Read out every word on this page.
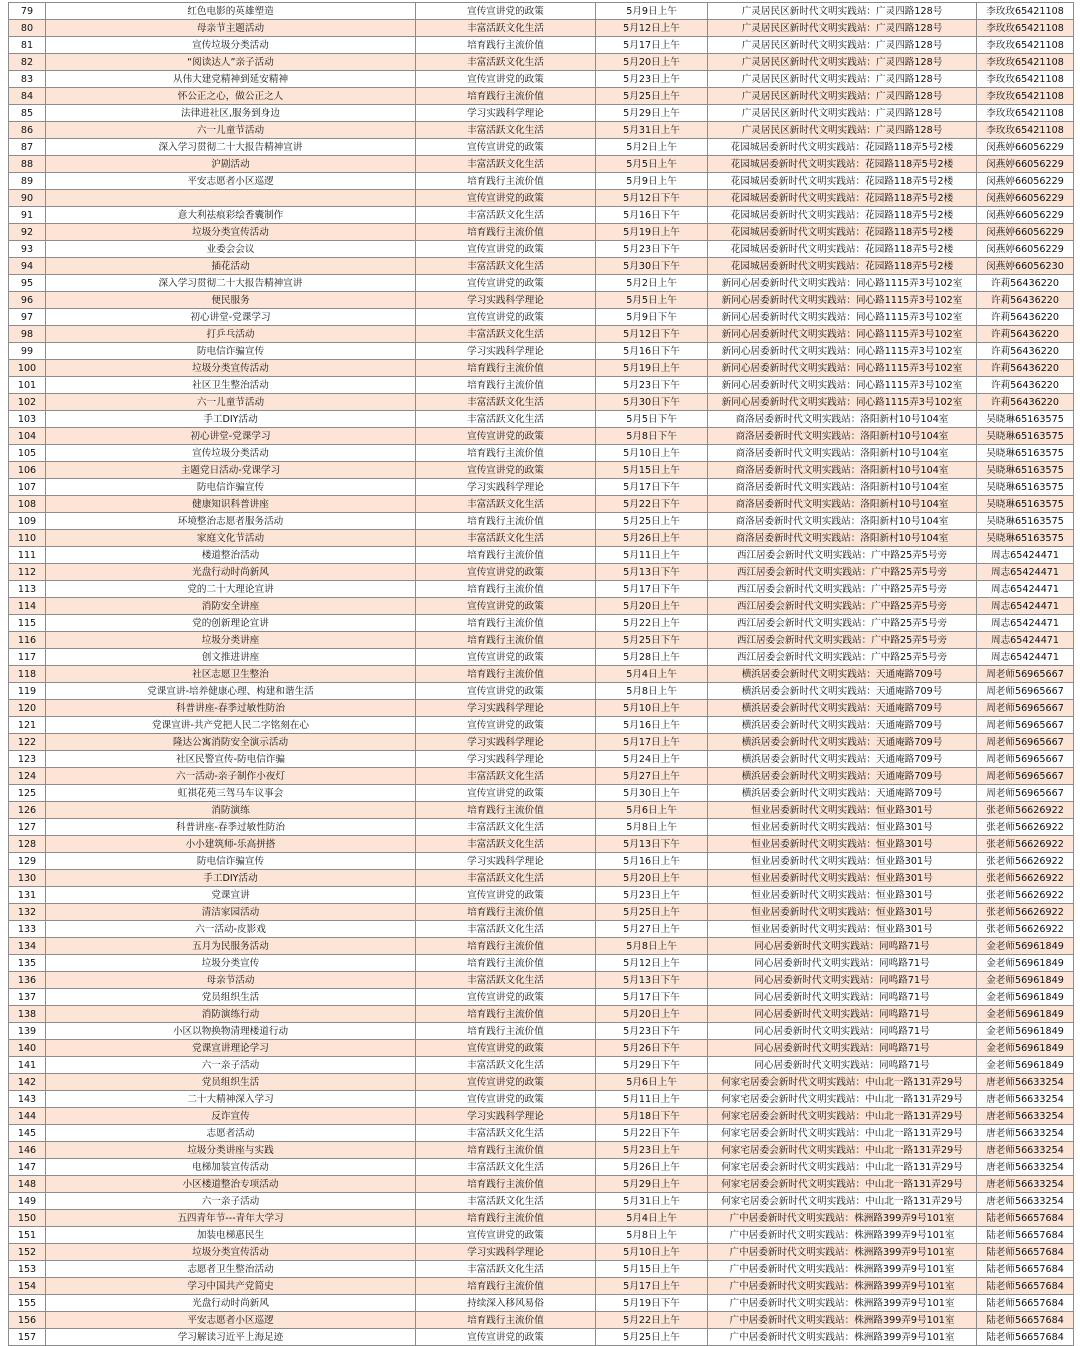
79	红色电影的英雄塑造	宣传宣讲党的政策	5月9日上午	广灵居民区新时代文明实践站：广灵四路128号	李玫玫65421108
80	母亲节主题活动	丰富活跃文化生活	5月12日上午	广灵居民区新时代文明实践站：广灵四路128号	李玫玫65421108
81	宣传垃圾分类活动	培育践行主流价值	5月17日上午	广灵居民区新时代文明实践站：广灵四路128号	李玫玫65421108
82	“阅读达人”亲子活动	丰富活跃文化生活	5月20日上午	广灵居民区新时代文明实践站：广灵四路128号	李玫玫65421108
83	从伟大建党精神到延安精神	宣传宣讲党的政策	5月23日上午	广灵居民区新时代文明实践站：广灵四路128号	李玫玫65421108
84	怀公正之心，做公正之人	培育践行主流价值	5月25日上午	广灵居民区新时代文明实践站：广灵四路128号	李玫玫65421108
85	法律进社区,服务到身边	学习实践科学理论	5月29日上午	广灵居民区新时代文明实践站：广灵四路128号	李玫玫65421108
86	六一儿童节活动	丰富活跃文化生活	5月31日上午	广灵居民区新时代文明实践站：广灵四路128号	李玫玫65421108
87	深入学习贯彻二十大报告精神宣讲	宣传宣讲党的政策	5月2日上午	花园城居委新时代文明实践站：花园路118弄5号2楼	闵燕婷66056229
88	沪剧活动	丰富活跃文化生活	5月5日上午	花园城居委新时代文明实践站：花园路118弄5号2楼	闵燕婷66056229
89	平安志愿者小区巡逻	培育践行主流价值	5月9日上午	花园城居委新时代文明实践站：花园路118弄5号2楼	闵燕婷66056229
90		宣传宣讲党的政策	5月12日下午	花园城居委新时代文明实践站：花园路118弄5号2楼	闵燕婷66056229
91	意大利祛痕彩绘香囊制作	丰富活跃文化生活	5月16日下午	花园城居委新时代文明实践站：花园路118弄5号2楼	闵燕婷66056229
92	垃圾分类宣传活动	培育践行主流价值	5月19日上午	花园城居委新时代文明实践站：花园路118弄5号2楼	闵燕婷66056229
93	业委会会议	宣传宣讲党的政策	5月23日下午	花园城居委新时代文明实践站：花园路118弄5号2楼	闵燕婷66056229
94	插花活动	丰富活跃文化生活	5月30日下午	花园城居委新时代文明实践站：花园路118弄5号2楼	闵燕婷66056230
95	深入学习贯彻二十大报告精神宣讲	宣传宣讲党的政策	5月2日上午	新同心居委新时代文明实践站：同心路1115弄3号102室	许莉56436220
96	便民服务	学习实践科学理论	5月5日上午	新同心居委新时代文明实践站：同心路1115弄3号102室	许莉56436220
97	初心讲堂-党课学习	宣传宣讲党的政策	5月9日下午	新同心居委新时代文明实践站：同心路1115弄3号102室	许莉56436220
98	打乒乓活动	丰富活跃文化生活	5月12日下午	新同心居委新时代文明实践站：同心路1115弄3号102室	许莉56436220
99	防电信诈骗宣传	学习实践科学理论	5月16日下午	新同心居委新时代文明实践站：同心路1115弄3号102室	许莉56436220
100	垃圾分类宣传活动	培育践行主流价值	5月19日上午	新同心居委新时代文明实践站：同心路1115弄3号102室	许莉56436220
101	社区卫生整治活动	培育践行主流价值	5月23日下午	新同心居委新时代文明实践站：同心路1115弄3号102室	许莉56436220
102	六一儿童节活动	丰富活跃文化生活	5月30日下午	新同心居委新时代文明实践站：同心路1115弄3号102室	许莉56436220
103	手工DIY活动	丰富活跃文化生活	5月5日下午	商洛居委新时代文明实践站：洛阳新村10号104室	吴晓琳65163575
104	初心讲堂-党课学习	宣传宣讲党的政策	5月8日下午	商洛居委新时代文明实践站：洛阳新村10号104室	吴晓琳65163575
105	宣传垃圾分类活动	培育践行主流价值	5月10日上午	商洛居委新时代文明实践站：洛阳新村10号104室	吴晓琳65163575
106	主题党日活动-党课学习	宣传宣讲党的政策	5月15日上午	商洛居委新时代文明实践站：洛阳新村10号104室	吴晓琳65163575
107	防电信诈骗宣传	学习实践科学理论	5月17日下午	商洛居委新时代文明实践站：洛阳新村10号104室	吴晓琳65163575
108	健康知识科普讲座	丰富活跃文化生活	5月22日下午	商洛居委新时代文明实践站：洛阳新村10号104室	吴晓琳65163575
109	环境整治志愿者服务活动	培育践行主流价值	5月25日上午	商洛居委新时代文明实践站：洛阳新村10号104室	吴晓琳65163575
110	家庭文化节活动	丰富活跃文化生活	5月26日上午	商洛居委新时代文明实践站：洛阳新村10号104室	吴晓琳65163575
111	楼道整治活动	培育践行主流价值	5月11日上午	西江居委会新时代文明实践站：广中路25弄5号旁	周志65424471
112	光盘行动时尚新风	宣传宣讲党的政策	5月13日下午	西江居委会新时代文明实践站：广中路25弄5号旁	周志65424471
113	党的二十大理论宣讲	培育践行主流价值	5月17日下午	西江居委会新时代文明实践站：广中路25弄5号旁	周志65424471
114	消防安全讲座	宣传宣讲党的政策	5月20日上午	西江居委会新时代文明实践站：广中路25弄5号旁	周志65424471
115	党的创新理论宣讲	培育践行主流价值	5月22日上午	西江居委会新时代文明实践站：广中路25弄5号旁	周志65424471
116	垃圾分类讲座	培育践行主流价值	5月25日下午	西江居委会新时代文明实践站：广中路25弄5号旁	周志65424471
117	创文推进讲座	宣传宣讲党的政策	5月28日上午	西江居委会新时代文明实践站：广中路25弄5号旁	周志65424471
118	社区志愿卫生整治	培育践行主流价值	5月4日上午	横浜居委会新时代文明实践站：天通庵路709号	周老师56965667
119	党课宣讲-培养健康心理、构建和谐生活	宣传宣讲党的政策	5月8日上午	横浜居委会新时代文明实践站：天通庵路709号	周老师56965667
120	科普讲座-春季过敏性防治	学习实践科学理论	5月10日上午	横浜居委会新时代文明实践站：天通庵路709号	周老师56965667
121	党课宣讲-共产党把人民二字铭刻在心	宣传宣讲党的政策	5月16日上午	横浜居委会新时代文明实践站：天通庵路709号	周老师56965667
122	隆达公寓消防安全演示活动	学习实践科学理论	5月17日上午	横浜居委会新时代文明实践站：天通庵路709号	周老师56965667
123	社区民警宣传-防电信诈骗	学习实践科学理论	5月24日上午	横浜居委会新时代文明实践站：天通庵路709号	周老师56965667
124	六一活动-亲子制作小夜灯	丰富活跃文化生活	5月27日上午	横浜居委会新时代文明实践站：天通庵路709号	周老师56965667
125	虹祺花苑三驾马车议事会	宣传宣讲党的政策	5月30日上午	横浜居委会新时代文明实践站：天通庵路709号	周老师56965667
126	消防演练	培育践行主流价值	5月6日上午	恒业居委新时代文明实践站：恒业路301号	张老师56626922
127	科普讲座-春季过敏性防治	丰富活跃文化生活	5月8日上午	恒业居委新时代文明实践站：恒业路301号	张老师56626922
128	小小建筑师-乐高拼搭	丰富活跃文化生活	5月13日下午	恒业居委新时代文明实践站：恒业路301号	张老师56626922
129	防电信诈骗宣传	学习实践科学理论	5月16日上午	恒业居委新时代文明实践站：恒业路301号	张老师56626922
130	手工DIY活动	丰富活跃文化生活	5月20日上午	恒业居委新时代文明实践站：恒业路301号	张老师56626922
131	党课宣讲	宣传宣讲党的政策	5月23日上午	恒业居委新时代文明实践站：恒业路301号	张老师56626922
132	清洁家园活动	培育践行主流价值	5月25日上午	恒业居委新时代文明实践站：恒业路301号	张老师56626922
133	六一活动-皮影戏	丰富活跃文化生活	5月27日上午	恒业居委新时代文明实践站：恒业路301号	张老师56626922
134	五月为民服务活动	培育践行主流价值	5月8日上午	同心居委新时代文明实践站：同鸣路71号	金老师56961849
135	垃圾分类宣传	培育践行主流价值	5月12日上午	同心居委新时代文明实践站：同鸣路71号	金老师56961849
136	母亲节活动	丰富活跃文化生活	5月13日下午	同心居委新时代文明实践站：同鸣路71号	金老师56961849
137	党员组织生活	宣传宣讲党的政策	5月17日下午	同心居委新时代文明实践站：同鸣路71号	金老师56961849
138	消防演练行动	培育践行主流价值	5月20日上午	同心居委新时代文明实践站：同鸣路71号	金老师56961849
139	小区以物换物清理楼道行动	培育践行主流价值	5月23日下午	同心居委新时代文明实践站：同鸣路71号	金老师56961849
140	党课宣讲理论学习	宣传宣讲党的政策	5月26日下午	同心居委新时代文明实践站：同鸣路71号	金老师56961849
141	六一亲子活动	丰富活跃文化生活	5月29日下午	同心居委新时代文明实践站：同鸣路71号	金老师56961849
142	党员组织生活	宣传宣讲党的政策	5月6日上午	何家宅居委会新时代文明实践站：中山北一路131弄29号	唐老师56633254
143	二十大精神深入学习	宣传宣讲党的政策	5月11日上午	何家宅居委会新时代文明实践站：中山北一路131弄29号	唐老师56633254
144	反诈宣传	学习实践科学理论	5月18日下午	何家宅居委会新时代文明实践站：中山北一路131弄29号	唐老师56633254
145	志愿者活动	丰富活跃文化生活	5月22日下午	何家宅居委会新时代文明实践站：中山北一路131弄29号	唐老师56633254
146	垃圾分类讲座与实践	培育践行主流价值	5月23日上午	何家宅居委会新时代文明实践站：中山北一路131弄29号	唐老师56633254
147	电梯加装宣传活动	丰富活跃文化生活	5月26日上午	何家宅居委会新时代文明实践站：中山北一路131弄29号	唐老师56633254
148	小区楼道整治专项活动	培育践行主流价值	5月29日上午	何家宅居委会新时代文明实践站：中山北一路131弄29号	唐老师56633254
149	六一亲子活动	丰富活跃文化生活	5月31日上午	何家宅居委会新时代文明实践站：中山北一路131弄29号	唐老师56633254
150	五四青年节---青年大学习	培育践行主流价值	5月4日上午	广中居委新时代文明实践站：株洲路399弄9号101室	陆老师56657684
151	加装电梯惠民生	宣传宣讲党的政策	5月8日上午	广中居委新时代文明实践站：株洲路399弄9号101室	陆老师56657684
152	垃圾分类宣传活动	学习实践科学理论	5月10日上午	广中居委新时代文明实践站：株洲路399弄9号101室	陆老师56657684
153	志愿者卫生整治活动	丰富活跃文化生活	5月15日上午	广中居委新时代文明实践站：株洲路399弄9号101室	陆老师56657684
154	学习中国共产党简史	培育践行主流价值	5月17日上午	广中居委新时代文明实践站：株洲路399弄9号101室	陆老师56657684
155	光盘行动时尚新风	持续深入移风易俗	5月19日下午	广中居委新时代文明实践站：株洲路399弄9号101室	陆老师56657684
156	平安志愿者小区巡逻	培育践行主流价值	5月22日上午	广中居委新时代文明实践站：株洲路399弄9号101室	陆老师56657684
157	学习解读习近平上海足迹	宣传宣讲党的政策	5月25日上午	广中居委新时代文明实践站：株洲路399弄9号101室	陆老师56657684
